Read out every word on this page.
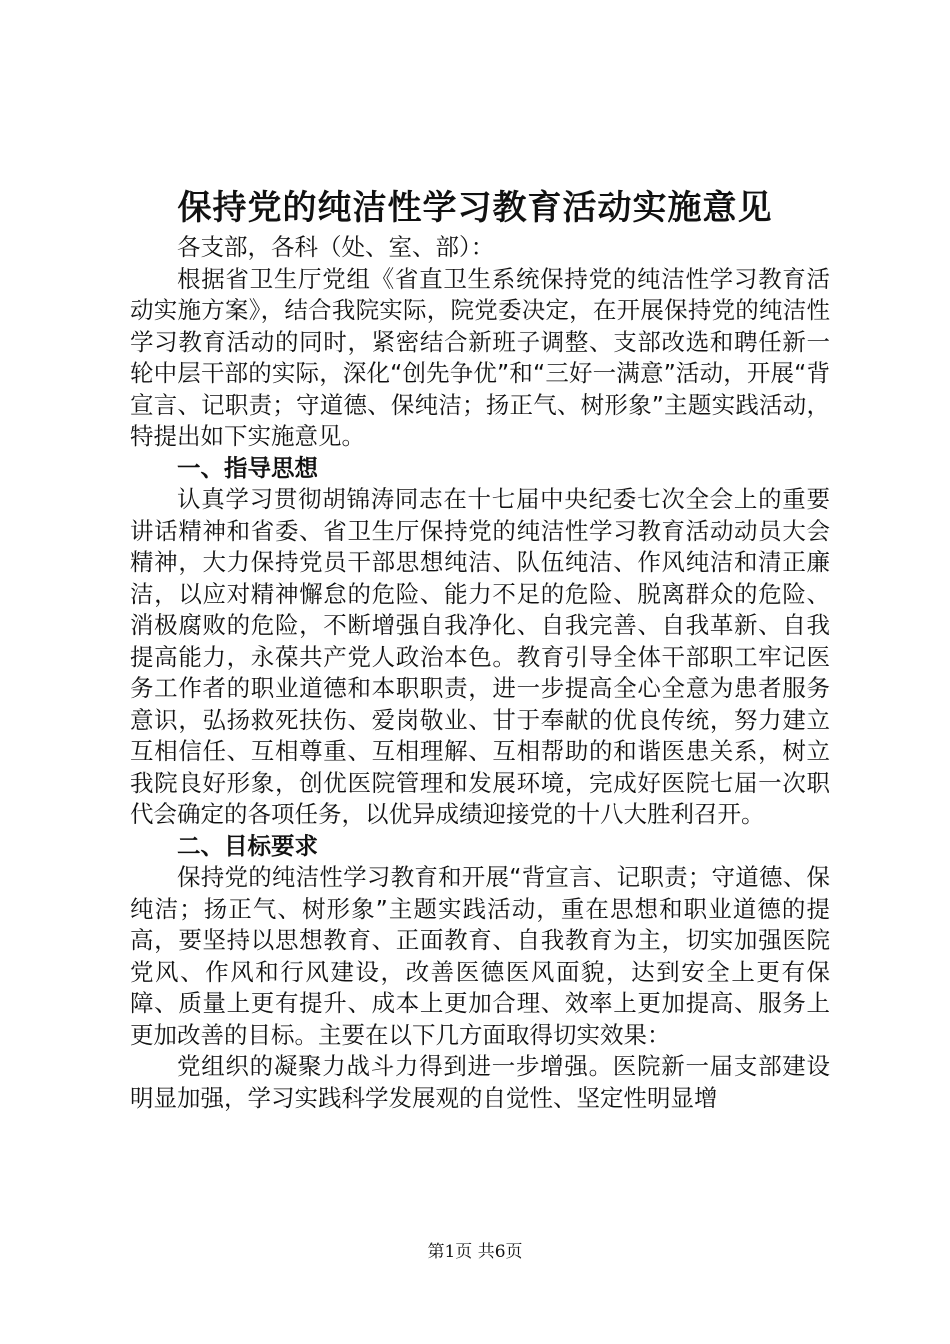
保持党的纯洁性学习教育活动实施意见

各支部，各科（处、室、部）：

根据省卫生厅党组《省直卫生系统保持党的纯洁性学习教育活动实施方案》，结合我院实际，院党委决定，在开展保持党的纯洁性学习教育活动的同时，紧密结合新班子调整、支部改选和聘任新一轮中层干部的实际，深化“创先争优”和“三好一满意”活动，开展“背宣言、记职责；守道德、保纯洁；扬正气、树形象”主题实践活动，特提出如下实施意见。

一、指导思想

认真学习贯彻胡锦涛同志在十七届中央纪委七次全会上的重要讲话精神和省委、省卫生厅保持党的纯洁性学习教育活动动员大会精神，大力保持党员干部思想纯洁、队伍纯洁、作风纯洁和清正廉洁，以应对精神懈怠的危险、能力不足的危险、脱离群众的危险、消极腐败的危险，不断增强自我净化、自我完善、自我革新、自我提高能力，永葆共产党人政治本色。教育引导全体干部职工牢记医务工作者的职业道德和本职职责，进一步提高全心全意为患者服务意识，弘扬救死扶伤、爱岗敬业、甘于奉献的优良传统，努力建立互相信任、互相尊重、互相理解、互相帮助的和谐医患关系，树立我院良好形象，创优医院管理和发展环境，完成好医院七届一次职代会确定的各项任务，以优异成绩迎接党的十八大胜利召开。

二、目标要求

保持党的纯洁性学习教育和开展“背宣言、记职责；守道德、保纯洁；扬正气、树形象”主题实践活动，重在思想和职业道德的提高，要坚持以思想教育、正面教育、自我教育为主，切实加强医院党风、作风和行风建设，改善医德医风面貌，达到安全上更有保障、质量上更有提升、成本上更加合理、效率上更加提高、服务上更加改善的目标。主要在以下几方面取得切实效果：

党组织的凝聚力战斗力得到进一步增强。医院新一届支部建设明显加强，学习实践科学发展观的自觉性、坚定性明显增

第1页 共6页
